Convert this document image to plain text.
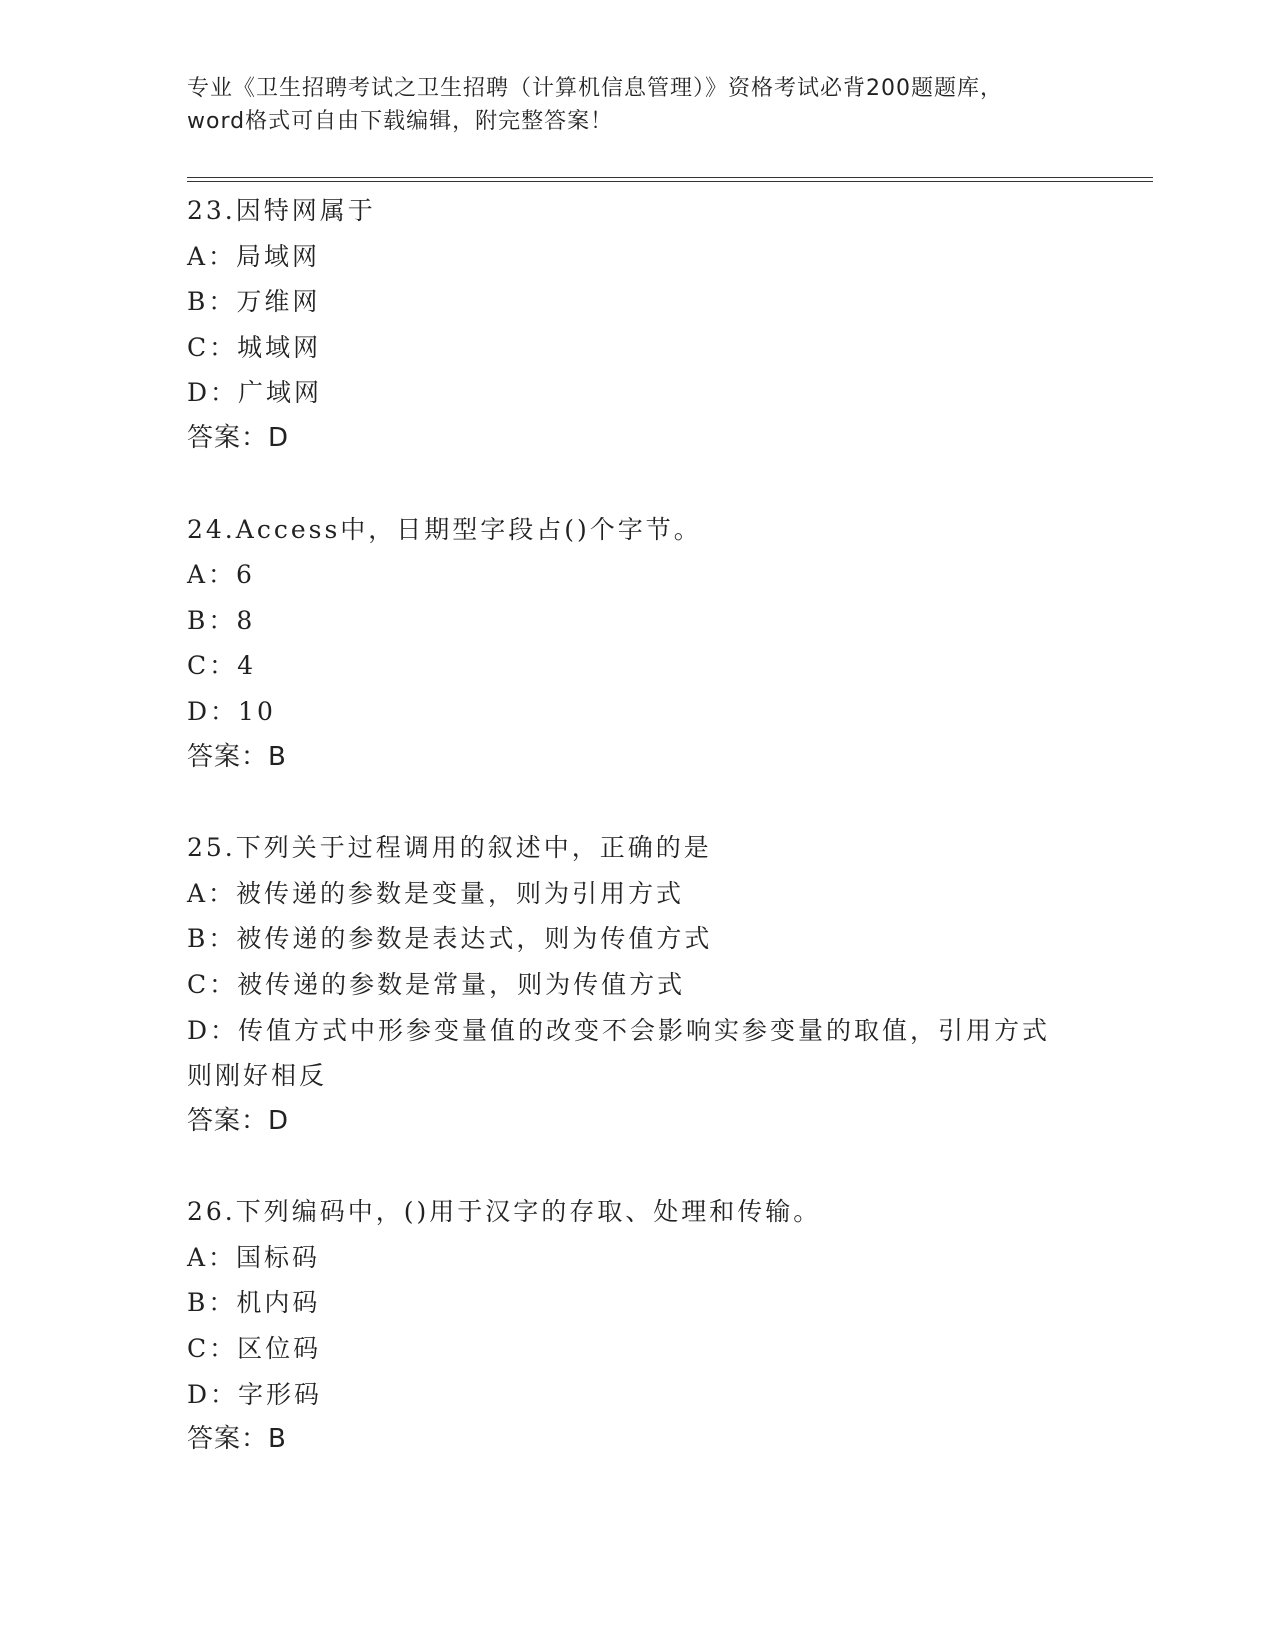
专业《卫生招聘考试之卫生招聘（计算机信息管理）》资格考试必背200题题库，
word格式可自由下载编辑，附完整答案！
23.因特网属于
A：局域网
B：万维网
C：城域网
D：广域网
答案：D
24.Access中，日期型字段占()个字节。
A：6
B：8
C：4
D：10
答案：B
25.下列关于过程调用的叙述中，正确的是
A：被传递的参数是变量，则为引用方式
B：被传递的参数是表达式，则为传值方式
C：被传递的参数是常量，则为传值方式
D：传值方式中形参变量值的改变不会影响实参变量的取值，引用方式
则刚好相反
答案：D
26.下列编码中，()用于汉字的存取、处理和传输。
A：国标码
B：机内码
C：区位码
D：字形码
答案：B
